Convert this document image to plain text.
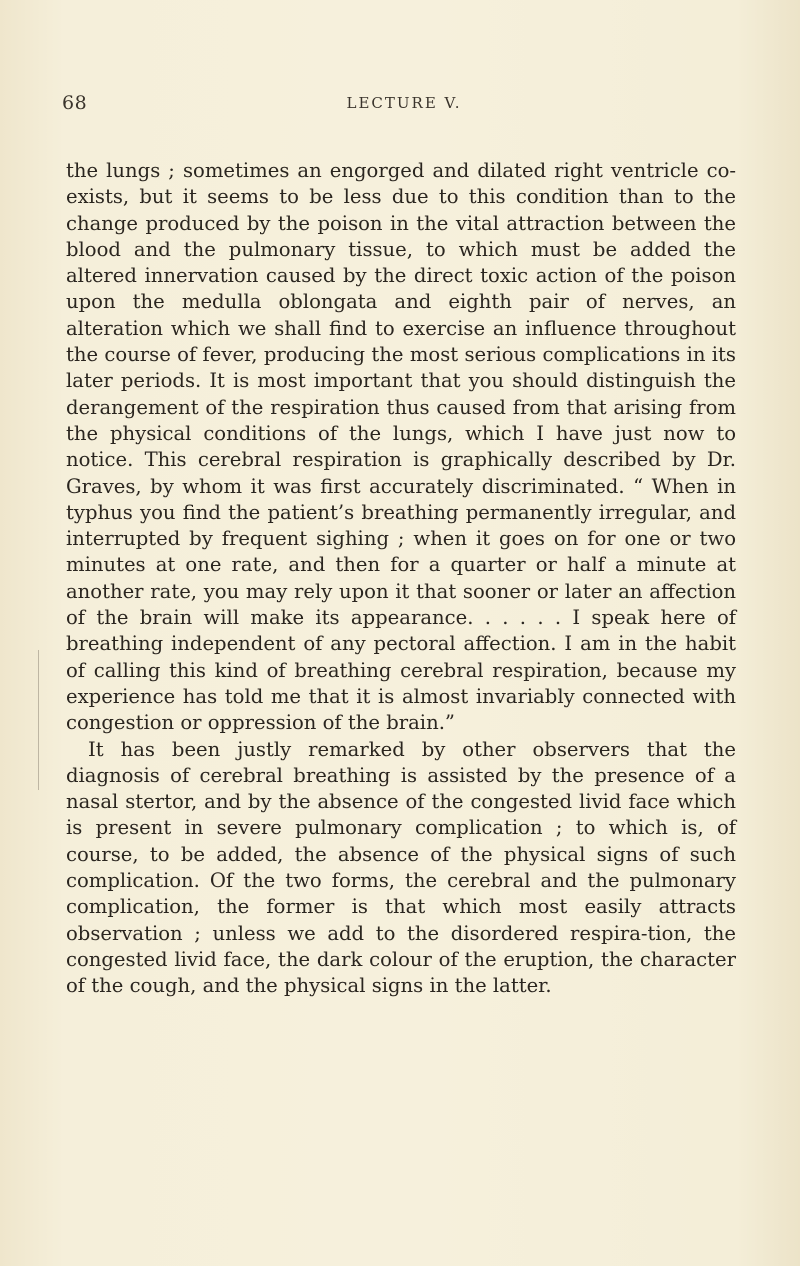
68	LECTURE V.

the lungs ; sometimes an engorged and dilated right ventricle co-exists, but it seems to be less due to this condition than to the change produced by the poison in the vital attraction between the blood and the pulmonary tissue, to which must be added the altered innervation caused by the direct toxic action of the poison upon the medulla oblongata and eighth pair of nerves, an alteration which we shall find to exercise an influence throughout the course of fever, producing the most serious complications in its later periods. It is most important that you should distinguish the derangement of the respiration thus caused from that arising from the physical conditions of the lungs, which I have just now to notice. This cerebral respiration is graphically described by Dr. Graves, by whom it was first accurately discriminated. “ When in typhus you find the patient’s breathing permanently irregular, and interrupted by frequent sighing ; when it goes on for one or two minutes at one rate, and then for a quarter or half a minute at another rate, you may rely upon it that sooner or later an affection of the brain will make its appearance. . . . . . I speak here of breathing independent of any pectoral affection. I am in the habit of calling this kind of breathing cerebral respiration, because my experience has told me that it is almost invariably connected with congestion or oppression of the brain.”

It has been justly remarked by other observers that the diagnosis of cerebral breathing is assisted by the presence of a nasal stertor, and by the absence of the congested livid face which is present in severe pulmonary complication ; to which is, of course, to be added, the absence of the physical signs of such complication. Of the two forms, the cerebral and the pulmonary complication, the former is that which most easily attracts observation ; unless we add to the disordered respira-tion, the congested livid face, the dark colour of the eruption, the character of the cough, and the physical signs in the latter.
